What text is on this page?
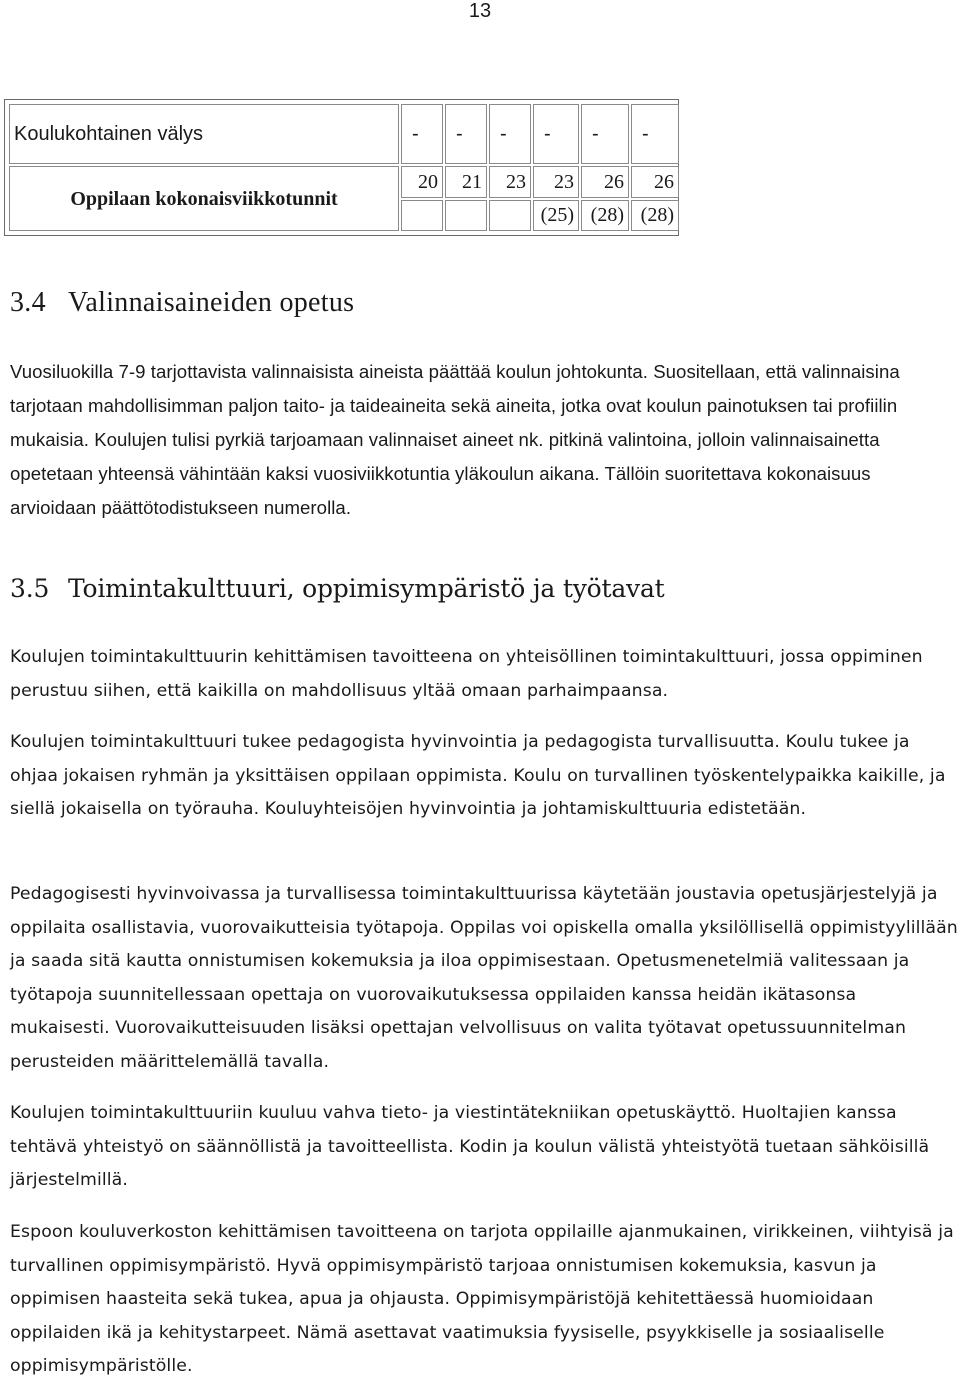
13
Koulukohtainen välys	-	-	-	-	-	-
Oppilaan kokonaisviikkotunnit	20	21	23	23	26	26
				(25)	(28)	(28)
3.4 Valinnaisaineiden opetus

Vuosiluokilla 7-9 tarjottavista valinnaisista aineista päättää koulun johtokunta. Suositellaan, että valinnaisina tarjotaan mahdollisimman paljon taito- ja taideaineita sekä aineita, jotka ovat koulun painotuksen tai profiilin mukaisia. Koulujen tulisi pyrkiä tarjoamaan valinnaiset aineet nk. pitkinä valintoina, jolloin valinnaisainetta opetetaan yhteensä vähintään kaksi vuosiviikkotuntia yläkoulun aikana. Tällöin suoritettava kokonaisuus arvioidaan päättötodistukseen numerolla.

3.5 Toimintakulttuuri, oppimisympäristö ja työtavat

Koulujen toimintakulttuurin kehittämisen tavoitteena on yhteisöllinen toimintakulttuuri, jossa oppiminen perustuu siihen, että kaikilla on mahdollisuus yltää omaan parhaimpaansa.

Koulujen toimintakulttuuri tukee pedagogista hyvinvointia ja pedagogista turvallisuutta. Koulu tukee ja ohjaa jokaisen ryhmän ja yksittäisen oppilaan oppimista. Koulu on turvallinen työskentelypaikka kaikille, ja siellä jokaisella on työrauha. Kouluyhteisöjen hyvinvointia ja johtamiskulttuuria edistetään.

Pedagogisesti hyvinvoivassa ja turvallisessa toimintakulttuurissa käytetään joustavia opetusjärjestelyjä ja oppilaita osallistavia, vuorovaikutteisia työtapoja. Oppilas voi opiskella omalla yksilöllisellä oppimistyylillään ja saada sitä kautta onnistumisen kokemuksia ja iloa oppimisestaan. Opetusmenetelmiä valitessaan ja työtapoja suunnitellessaan opettaja on vuorovaikutuksessa oppilaiden kanssa heidän ikätasonsa mukaisesti. Vuorovaikutteisuuden lisäksi opettajan velvollisuus on valita työtavat opetussuunnitelman perusteiden määrittelemällä tavalla.

Koulujen toimintakulttuuriin kuuluu vahva tieto- ja viestintätekniikan opetuskäyttö. Huoltajien kanssa tehtävä yhteistyö on säännöllistä ja tavoitteellista. Kodin ja koulun välistä yhteistyötä tuetaan sähköisillä järjestelmillä.

Espoon kouluverkoston kehittämisen tavoitteena on tarjota oppilaille ajanmukainen, virikkeinen, viihtyisä ja turvallinen oppimisympäristö. Hyvä oppimisympäristö tarjoaa onnistumisen kokemuksia, kasvun ja oppimisen haasteita sekä tukea, apua ja ohjausta. Oppimisympäristöjä kehitettäessä huomioidaan oppilaiden ikä ja kehitystarpeet. Nämä asettavat vaatimuksia fyysiselle, psyykkiselle ja sosiaaliselle oppimisympäristölle.
